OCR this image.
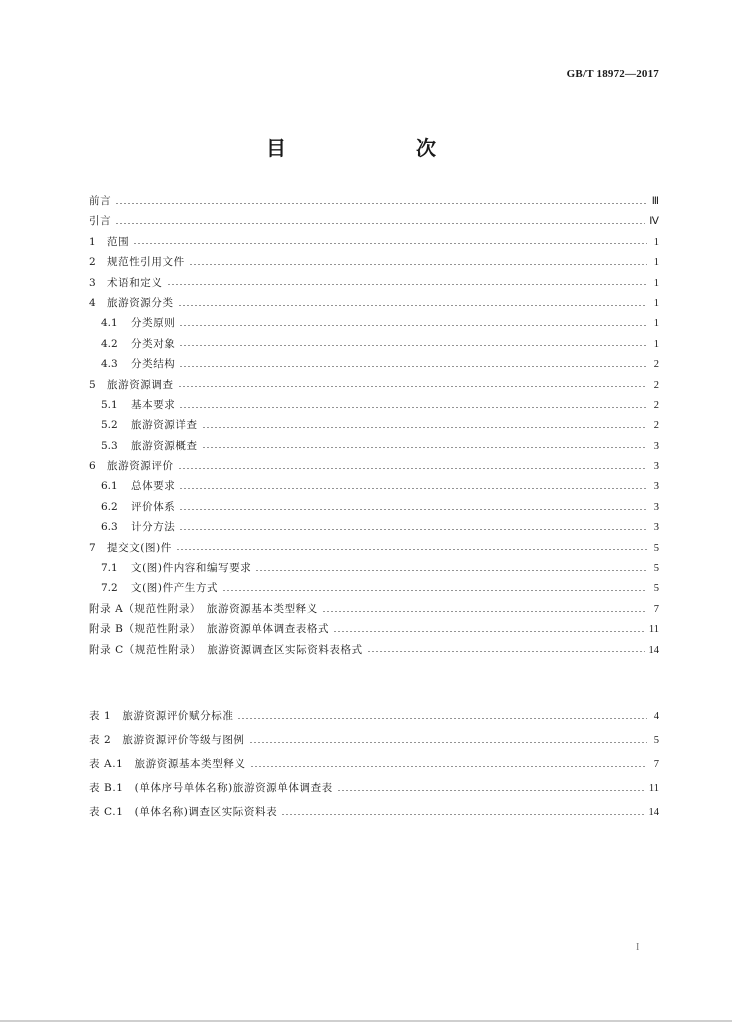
GB/T 18972—2017
目　　次
前言	Ⅲ
引言	Ⅳ
1	范围	1
2	规范性引用文件	1
3	术语和定义	1
4	旅游资源分类	1
4.1	分类原则	1
4.2	分类对象	1
4.3	分类结构	2
5	旅游资源调查	2
5.1	基本要求	2
5.2	旅游资源详查	2
5.3	旅游资源概查	3
6	旅游资源评价	3
6.1	总体要求	3
6.2	评价体系	3
6.3	计分方法	3
7	提交文(图)件	5
7.1	文(图)件内容和编写要求	5
7.2	文(图)件产生方式	5
附录 A（规范性附录）　旅游资源基本类型释义	7
附录 B（规范性附录）　旅游资源单体调查表格式	11
附录 C（规范性附录）　旅游资源调查区实际资料表格式	14
表 1　旅游资源评价赋分标准	4
表 2　旅游资源评价等级与图例	5
表 A.1　旅游资源基本类型释义	7
表 B.1　(单体序号单体名称)旅游资源单体调查表	11
表 C.1　(单体名称)调查区实际资料表	14
I
